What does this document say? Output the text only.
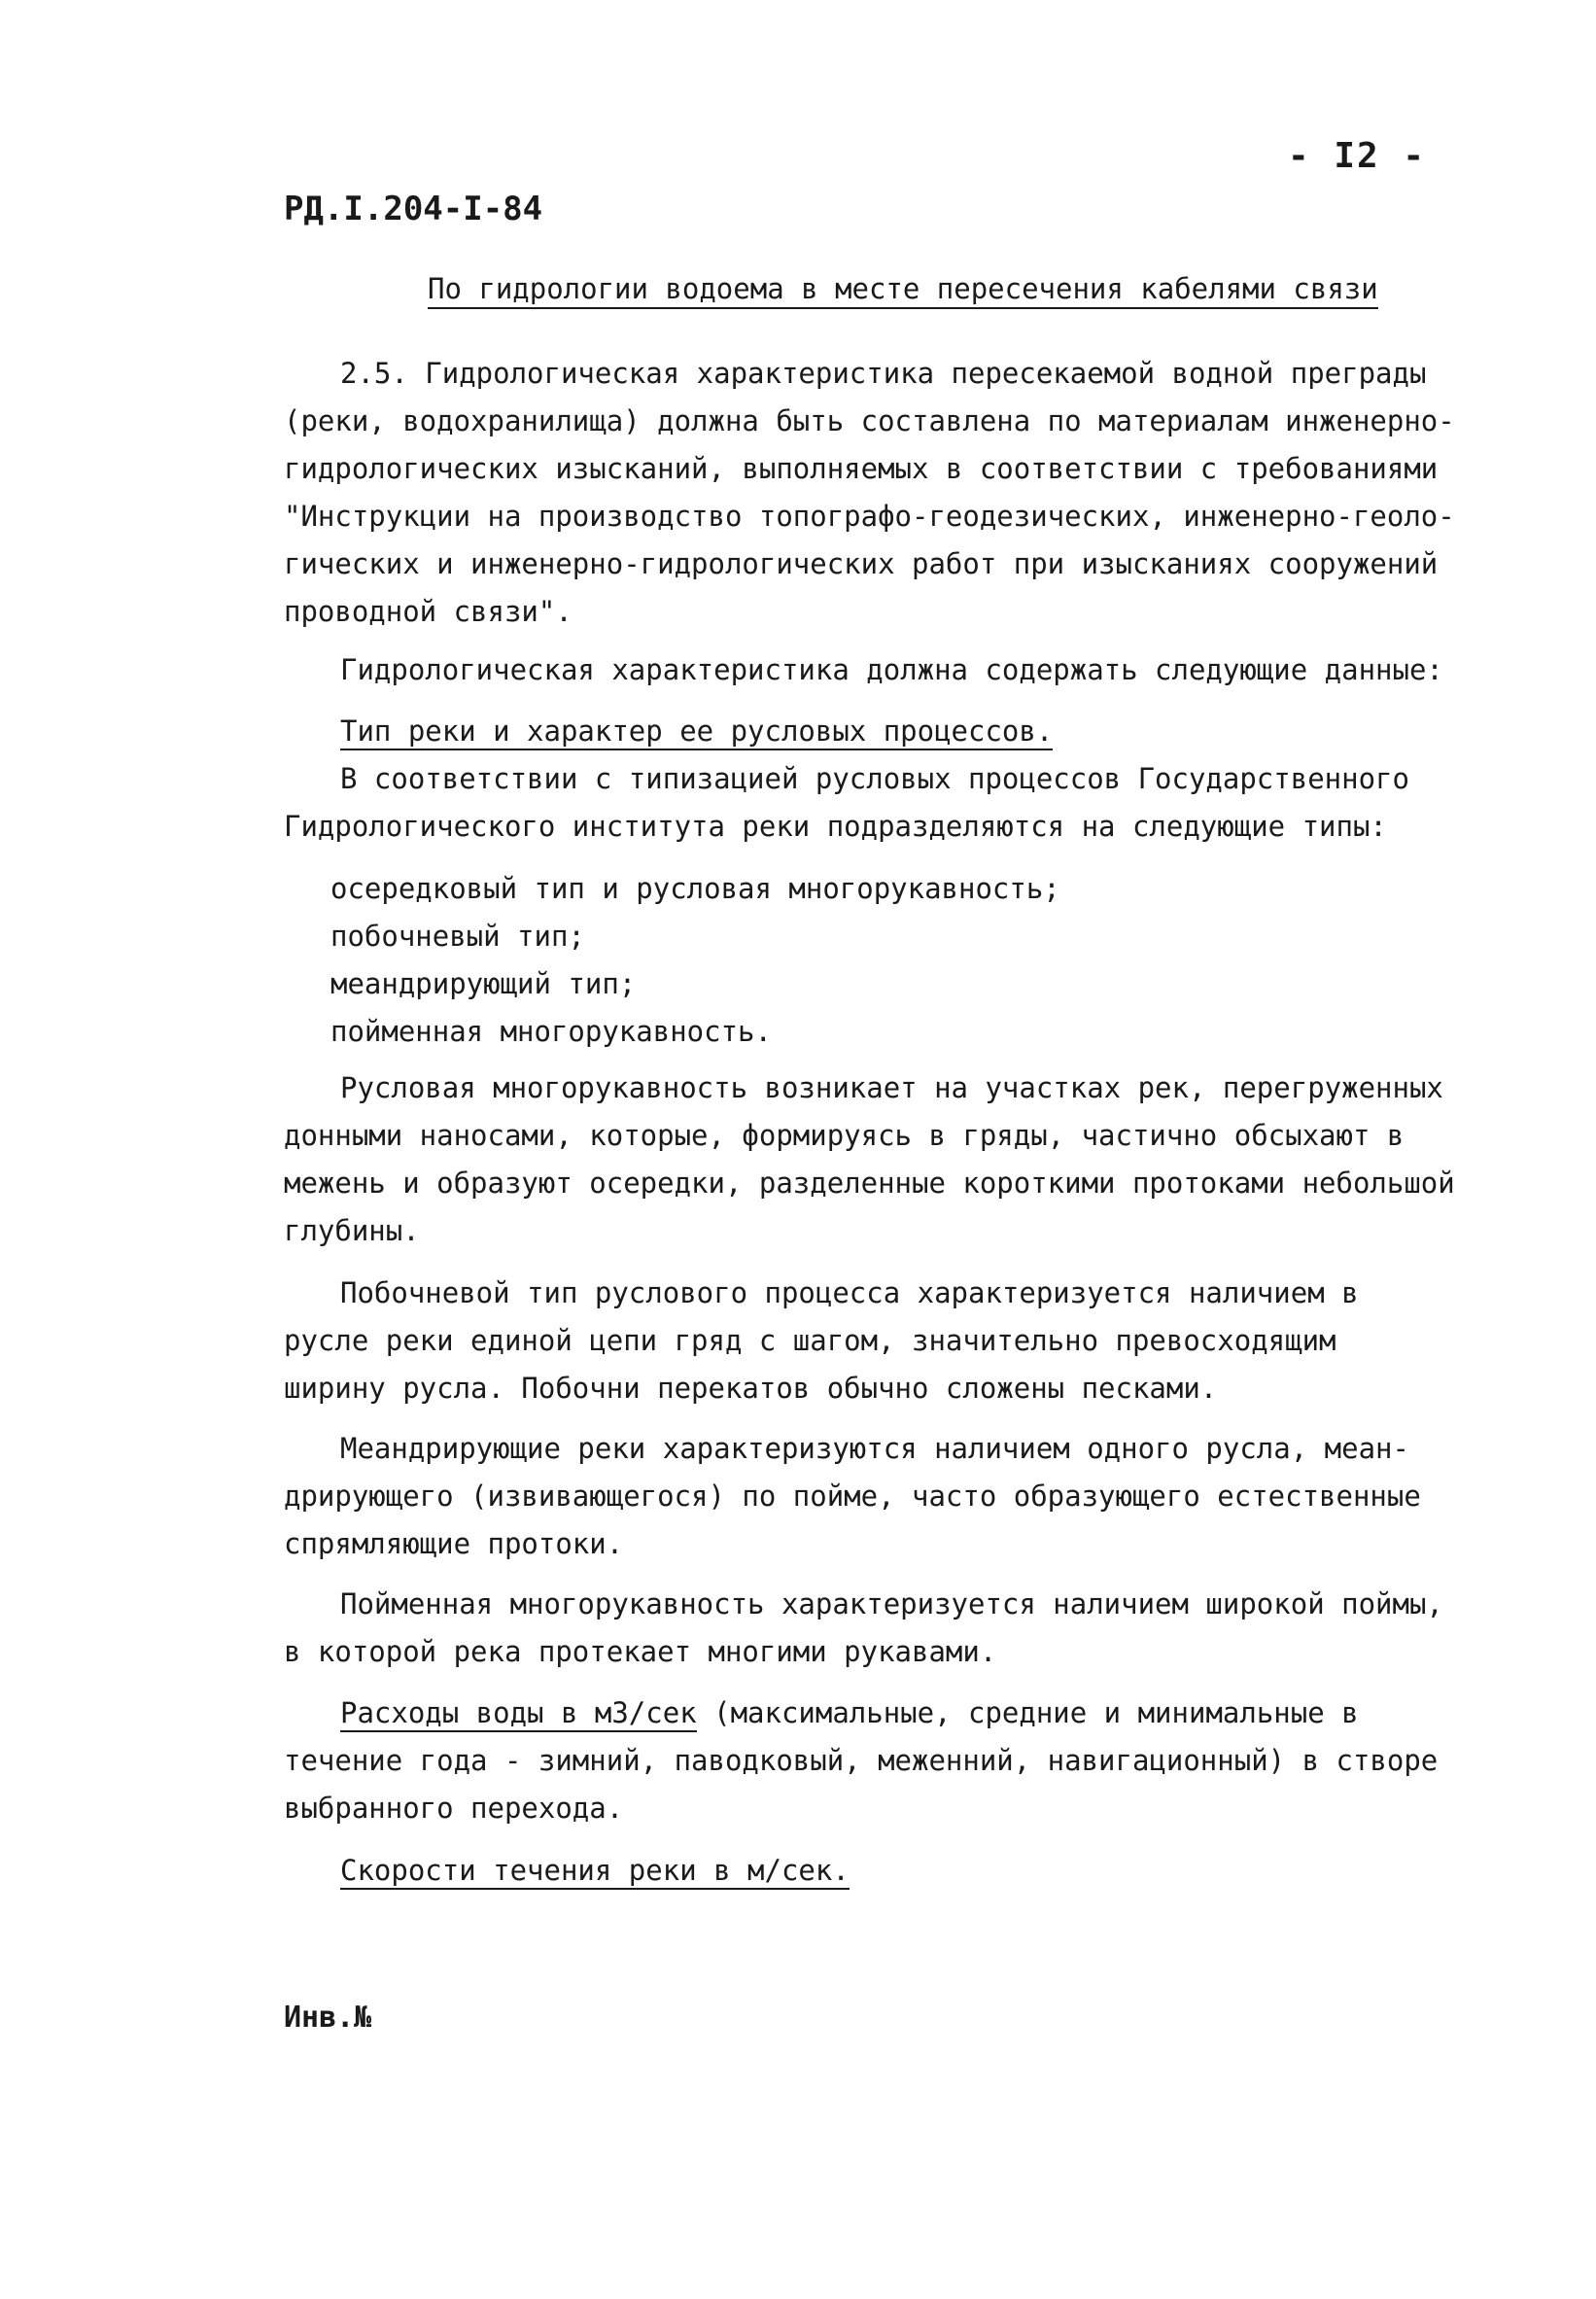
- I2 -
РД.I.204-I-84
По гидрологии водоема в месте пересечения кабелями связи
2.5. Гидрологическая характеристика пересекаемой водной преграды
(реки, водохранилища) должна быть составлена по материалам инженерно-
гидрологических изысканий, выполняемых в соответствии с требованиями
"Инструкции на производство топографо-геодезических, инженерно-геоло-
гических и инженерно-гидрологических работ при изысканиях сооружений
проводной связи".
Гидрологическая характеристика должна содержать следующие данные:
Тип реки и характер ее русловых процессов.
В соответствии с типизацией русловых процессов Государственного
Гидрологического института реки подразделяются на следующие типы:
осередковый тип и русловая многорукавность;
побочневый тип;
меандрирующий тип;
пойменная многорукавность.
Русловая многорукавность возникает на участках рек, перегруженных
донными наносами, которые, формируясь в гряды, частично обсыхают в
межень и образуют осередки, разделенные короткими протоками небольшой
глубины.
Побочневой тип руслового процесса характеризуется наличием в
русле реки единой цепи гряд с шагом, значительно превосходящим
ширину русла. Побочни перекатов обычно сложены песками.
Меандрирующие реки характеризуются наличием одного русла, меан-
дрирующего (извивающегося) по пойме, часто образующего естественные
спрямляющие протоки.
Пойменная многорукавность характеризуется наличием широкой поймы,
в которой река протекает многими рукавами.
Расходы воды в м3/сек (максимальные, средние и минимальные в
течение года - зимний, паводковый, меженний, навигационный) в створе
выбранного перехода.
Скорости течения реки в м/сек.
Инв.№
